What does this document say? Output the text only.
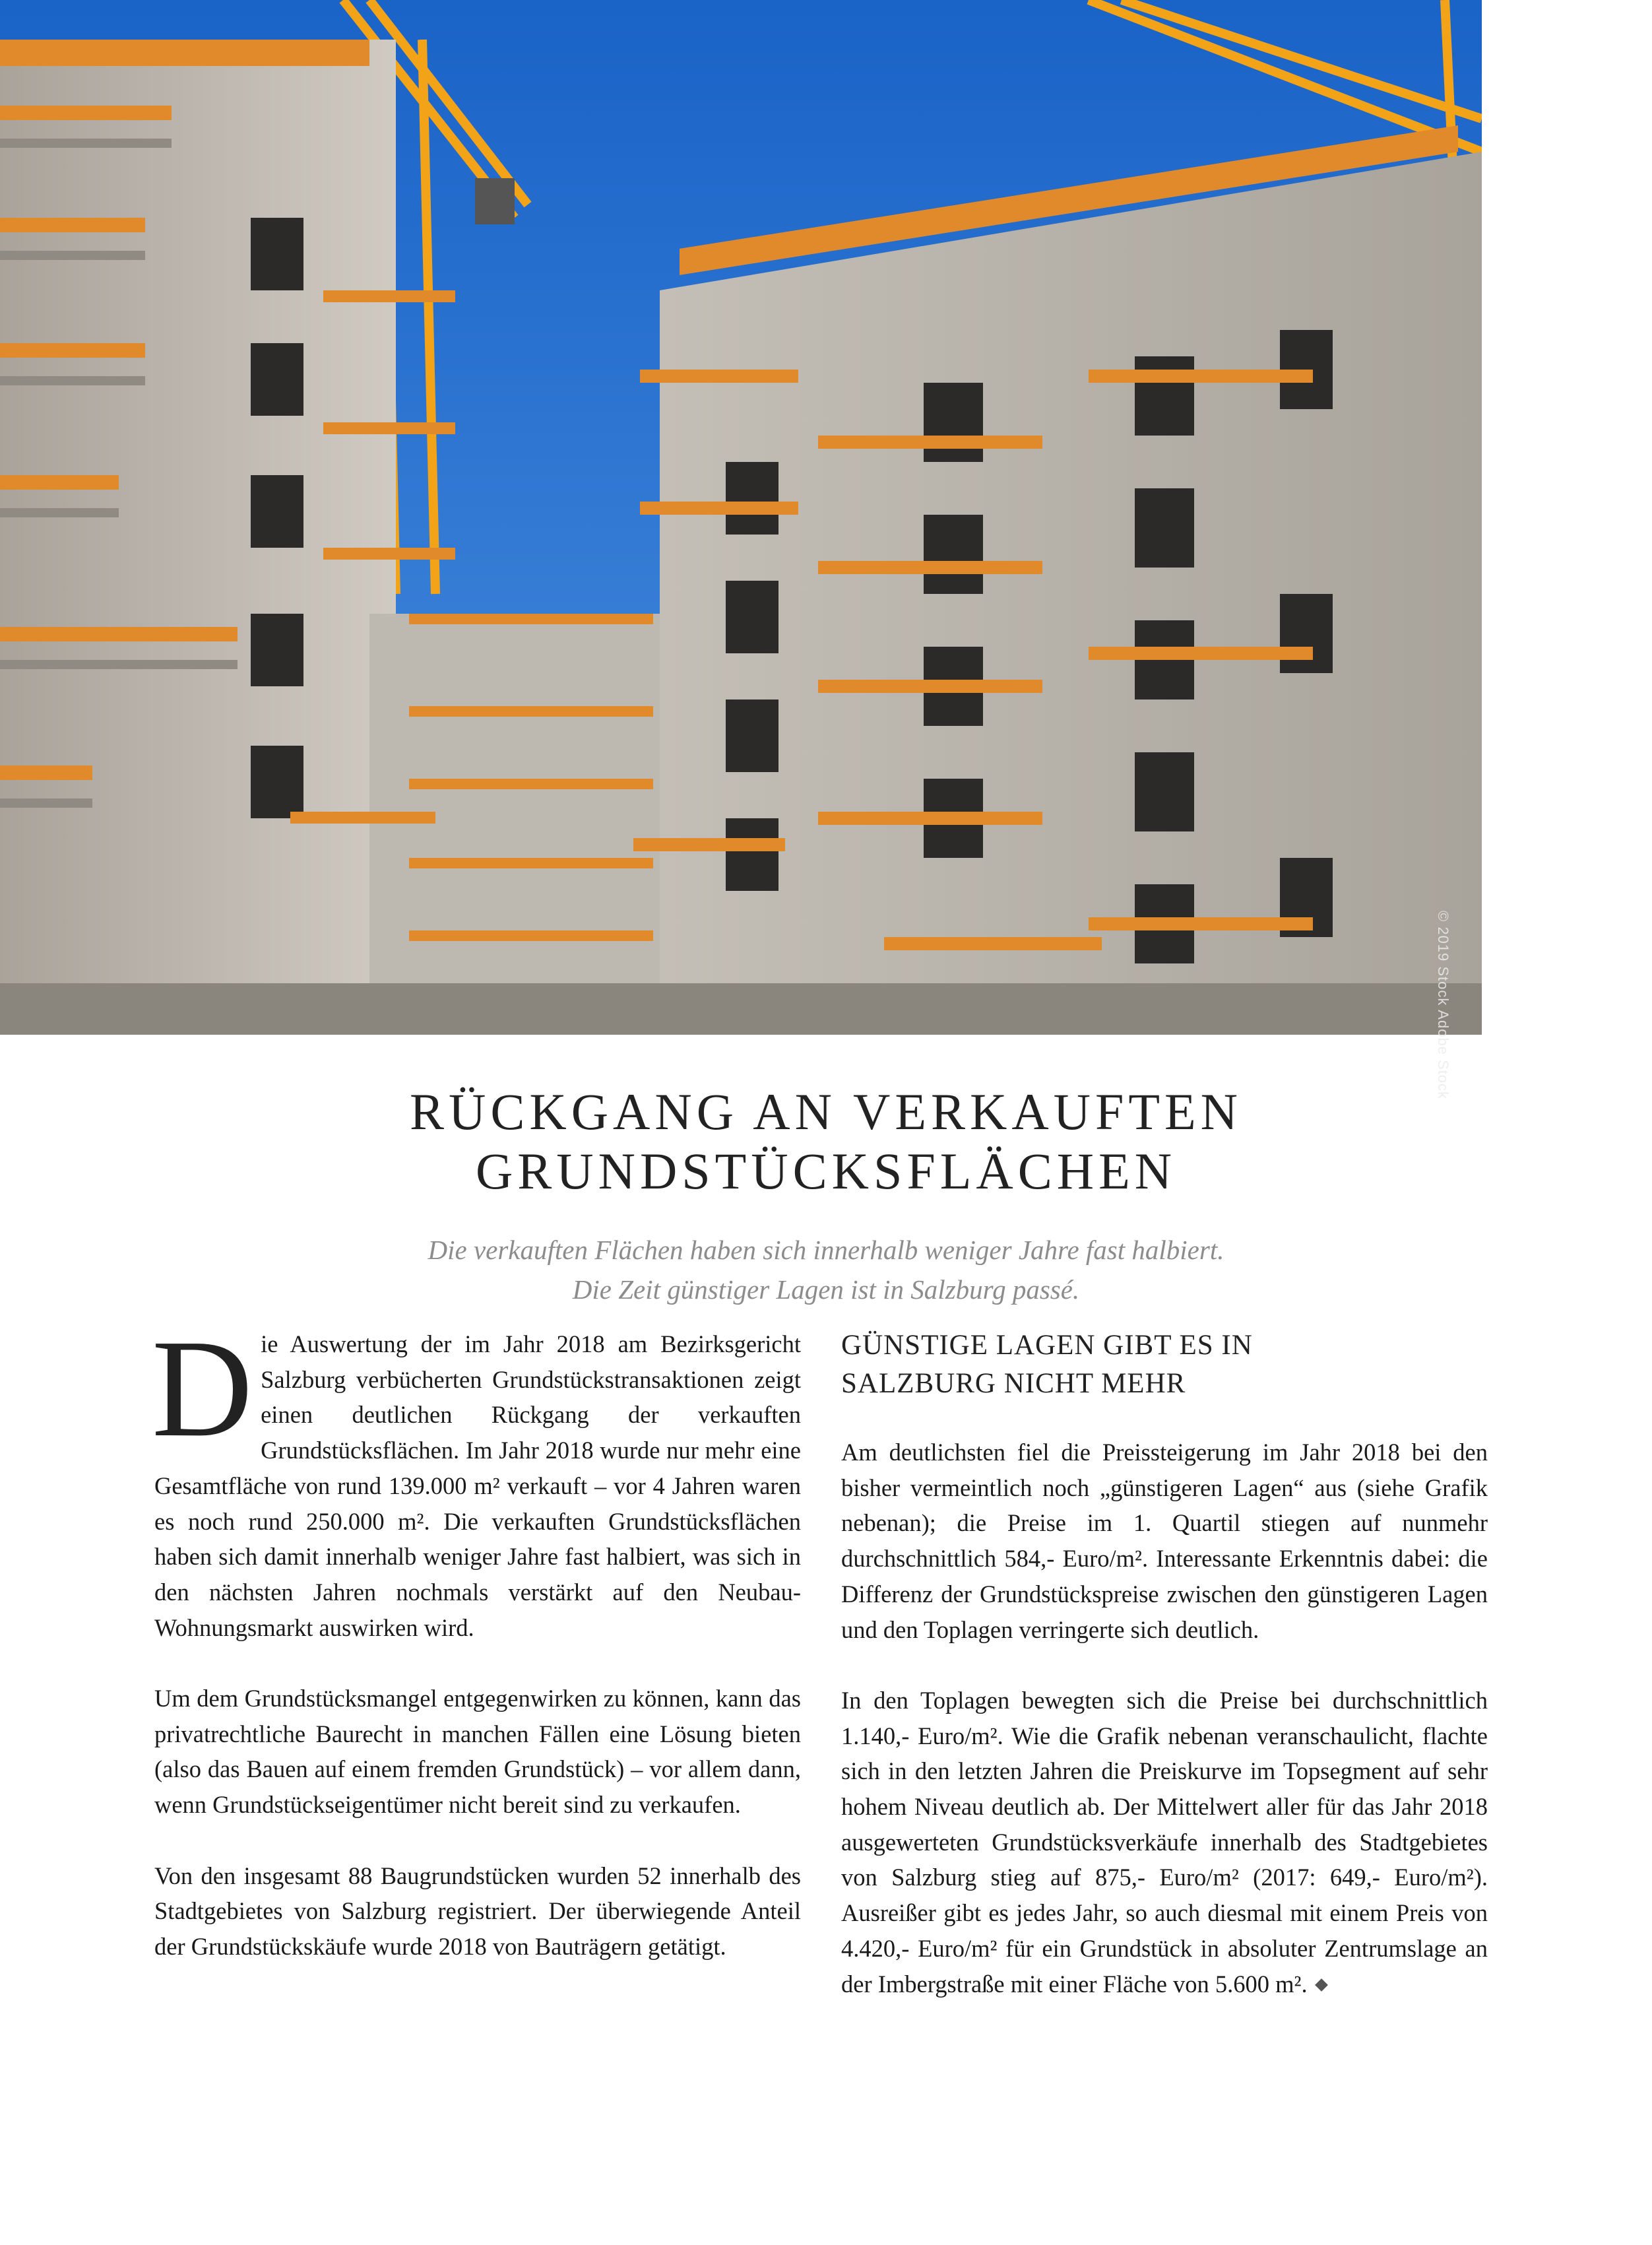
© 2019 Stock Adobe Stock
RÜCKGANG AN VERKAUFTEN
GRUNDSTÜCKSFLÄCHEN
Die verkauften Flächen haben sich innerhalb weniger Jahre fast halbiert.
Die Zeit günstiger Lagen ist in Salzburg passé.

Die Auswertung der im Jahr 2018 am Bezirksgericht Salzburg verbücherten Grundstückstransaktionen zeigt einen deutlichen Rückgang der verkauften Grundstücksflächen. Im Jahr 2018 wurde nur mehr eine Gesamtfläche von rund 139.000 m² verkauft – vor 4 Jahren waren es noch rund 250.000 m². Die verkauften Grundstücksflächen haben sich damit innerhalb weniger Jahre fast halbiert, was sich in den nächsten Jahren nochmals verstärkt auf den Neubau-Wohnungsmarkt auswirken wird.

Um dem Grundstücksmangel entgegenwirken zu können, kann das privatrechtliche Baurecht in manchen Fällen eine Lösung bieten (also das Bauen auf einem fremden Grundstück) – vor allem dann, wenn Grundstückseigentümer nicht bereit sind zu verkaufen.

Von den insgesamt 88 Baugrundstücken wurden 52 innerhalb des Stadtgebietes von Salzburg registriert. Der überwiegende Anteil der Grundstückskäufe wurde 2018 von Bauträgern getätigt.

GÜNSTIGE LAGEN GIBT ES IN
SALZBURG NICHT MEHR

Am deutlichsten fiel die Preissteigerung im Jahr 2018 bei den bisher vermeintlich noch „günstigeren Lagen“ aus (siehe Grafik nebenan); die Preise im 1. Quartil stiegen auf nunmehr durchschnittlich 584,- Euro/m². Interessante Erkenntnis dabei: die Differenz der Grundstückspreise zwischen den günstigeren Lagen und den Toplagen verringerte sich deutlich.

In den Toplagen bewegten sich die Preise bei durchschnittlich 1.140,- Euro/m². Wie die Grafik nebenan veranschaulicht, flachte sich in den letzten Jahren die Preiskurve im Topsegment auf sehr hohem Niveau deutlich ab. Der Mittelwert aller für das Jahr 2018 ausgewerteten Grundstücksverkäufe innerhalb des Stadtgebietes von Salzburg stieg auf 875,- Euro/m² (2017: 649,- Euro/m²). Ausreißer gibt es jedes Jahr, so auch diesmal mit einem Preis von 4.420,- Euro/m² für ein Grundstück in absoluter Zentrumslage an der Imbergstraße mit einer Fläche von 5.600 m².
